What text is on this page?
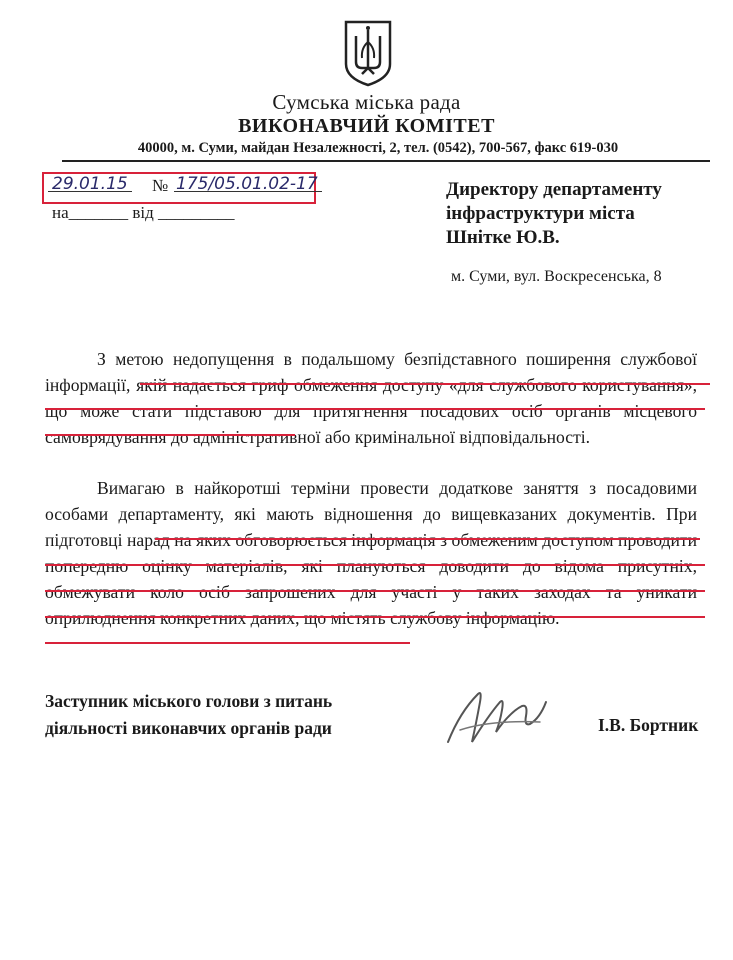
Сумська міська рада
ВИКОНАВЧИЙ КОМІТЕТ
40000, м. Суми, майдан Незалежності, 2, тел. (0542), 700-567, факс 619-030
29.01.15 № 175/05.01.02-17
на_______ від _________
Директору департаменту
інфраструктури міста
Шнітке Ю.В.
м. Суми, вул. Воскресенська, 8

З метою недопущення в подальшому безпідставного поширення службової інформації, якій надається гриф обмеження доступу «для службового користування», що може стати підставою для притягнення посадових осіб органів місцевого самоврядування до адміністративної або кримінальної відповідальності.

Вимагаю в найкоротші терміни провести додаткове заняття з посадовими особами департаменту, які мають відношення до вищевказаних документів. При підготовці нарад на яких обговорюється інформація з обмеженим доступом проводити попередню оцінку матеріалів, які плануються доводити до відома присутніх, обмежувати коло осіб запрошених для участі у таких заходах та уникати оприлюднення конкретних даних, що містять службову інформацію.

Заступник міського голови з питань
діяльності виконавчих органів ради	І.В. Бортник
